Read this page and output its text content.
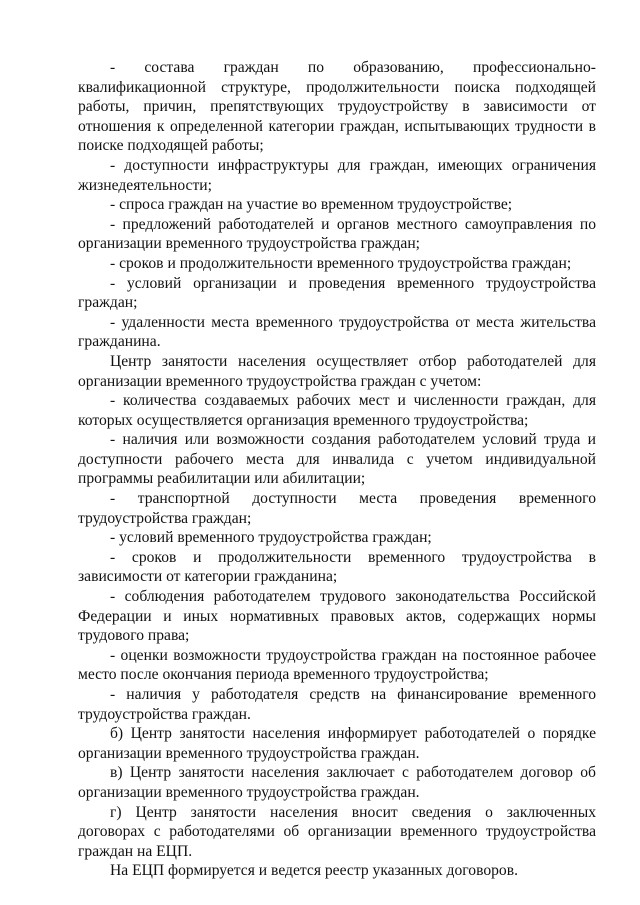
- состава граждан по образованию, профессионально-квалификационной структуре, продолжительности поиска подходящей работы, причин, препятствующих трудоустройству в зависимости от отношения к определенной категории граждан, испытывающих трудности в поиске подходящей работы;

- доступности инфраструктуры для граждан, имеющих ограничения жизнедеятельности;

- спроса граждан на участие во временном трудоустройстве;

- предложений работодателей и органов местного самоуправления по организации временного трудоустройства граждан;

- сроков и продолжительности временного трудоустройства граждан;

- условий организации и проведения временного трудоустройства граждан;

- удаленности места временного трудоустройства от места жительства гражданина.

Центр занятости населения осуществляет отбор работодателей для организации временного трудоустройства граждан с учетом:

- количества создаваемых рабочих мест и численности граждан, для которых осуществляется организация временного трудоустройства;

- наличия или возможности создания работодателем условий труда и доступности рабочего места для инвалида с учетом индивидуальной программы реабилитации или абилитации;

- транспортной доступности места проведения временного трудоустройства граждан;

- условий временного трудоустройства граждан;

- сроков и продолжительности временного трудоустройства в зависимости от категории гражданина;

- соблюдения работодателем трудового законодательства Российской Федерации и иных нормативных правовых актов, содержащих нормы трудового права;

- оценки возможности трудоустройства граждан на постоянное рабочее место после окончания периода временного трудоустройства;

- наличия у работодателя средств на финансирование временного трудоустройства граждан.

б) Центр занятости населения информирует работодателей о порядке организации временного трудоустройства граждан.

в) Центр занятости населения заключает с работодателем договор об организации временного трудоустройства граждан.

г) Центр занятости населения вносит сведения о заключенных договорах с работодателями об организации временного трудоустройства граждан на ЕЦП.

На ЕЦП формируется и ведется реестр указанных договоров.
